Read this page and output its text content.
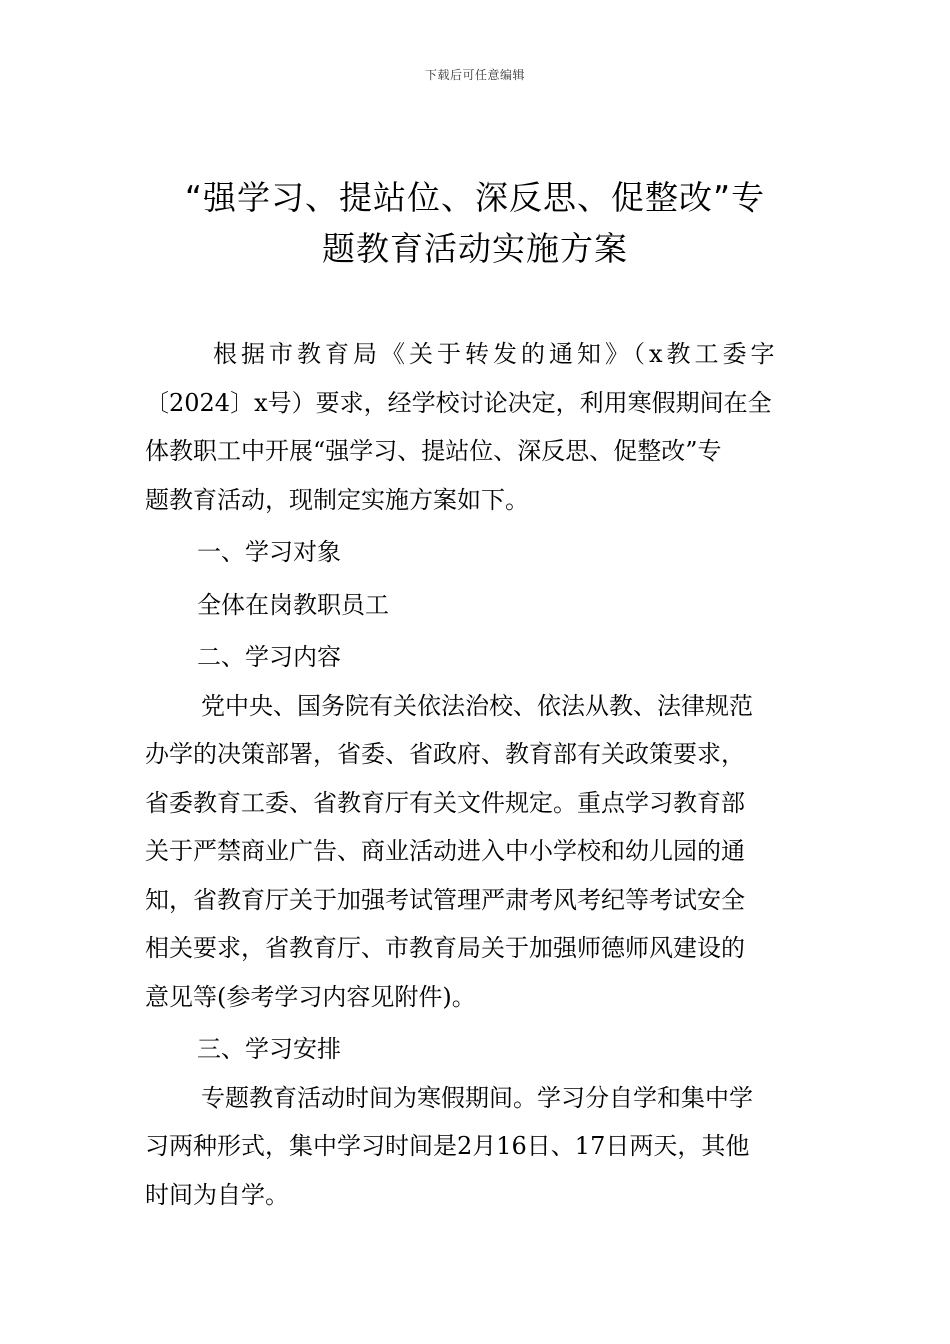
下载后可任意编辑
“强学习、提站位、深反思、促整改”专
题教育活动实施方案

根据市教育局《关于转发的通知》（x教工委字
〔2024〕x号）要求，经学校讨论决定，利用寒假期间在全
体教职工中开展“强学习、提站位、深反思、促整改”专
题教育活动，现制定实施方案如下。

一、学习对象

全体在岗教职员工

二、学习内容

党中央、国务院有关依法治校、依法从教、法律规范
办学的决策部署，省委、省政府、教育部有关政策要求，
省委教育工委、省教育厅有关文件规定。重点学习教育部
关于严禁商业广告、商业活动进入中小学校和幼儿园的通
知，省教育厅关于加强考试管理严肃考风考纪等考试安全
相关要求，省教育厅、市教育局关于加强师德师风建设的
意见等(参考学习内容见附件)。

三、学习安排

专题教育活动时间为寒假期间。学习分自学和集中学
习两种形式，集中学习时间是2月16日、17日两天，其他
时间为自学。
